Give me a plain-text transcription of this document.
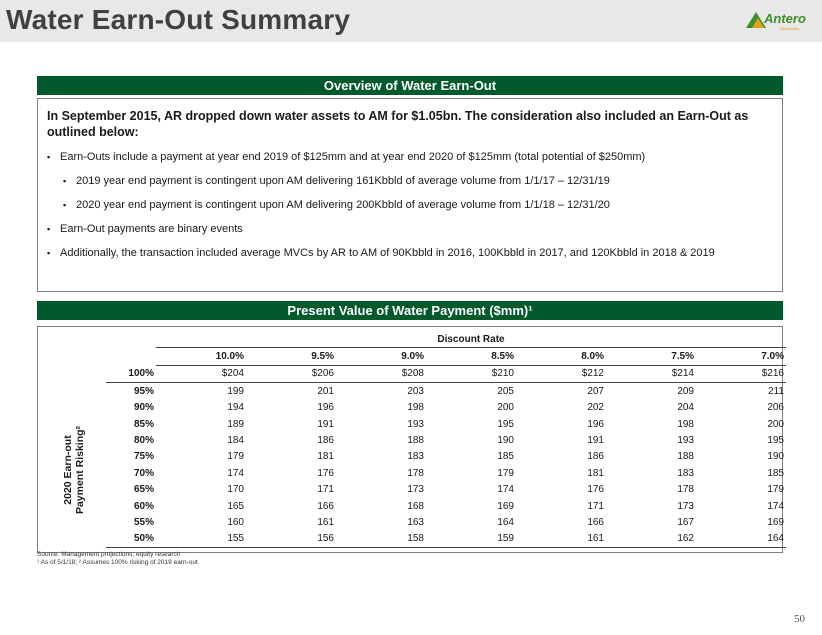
Water Earn-Out Summary	Antero
Resources
Overview of Water Earn-Out

In September 2015, AR dropped down water assets to AM for $1.05bn. The consideration also included an Earn-Out as outlined below:

▪ Earn-Outs include a payment at year end 2019 of $125mm and at year end 2020 of $125mm (total potential of $250mm)
▪ 2019 year end payment is contingent upon AM delivering 161Kbbld of average volume from 1/1/17 – 12/31/19
▪ 2020 year end payment is contingent upon AM delivering 200Kbbld of average volume from 1/1/18 – 12/31/20
▪ Earn-Out payments are binary events
▪ Additionally, the transaction included average MVCs by AR to AM of 90Kbbld in 2016, 100Kbbld in 2017, and 120Kbbld in 2018 & 2019
Present Value of Water Payment ($mm)¹
2020 Earn-out Payment Risking²
	Discount Rate						
	10.0%	9.5%	9.0%	8.5%	8.0%	7.5%	7.0%
100%	$204	$206	$208	$210	$212	$214	$216
95%	199	201	203	205	207	209	211
90%	194	196	198	200	202	204	206
85%	189	191	193	195	196	198	200
80%	184	186	188	190	191	193	195
75%	179	181	183	185	186	188	190
70%	174	176	178	179	181	183	185
65%	170	171	173	174	176	178	179
60%	165	166	168	169	171	173	174
55%	160	161	163	164	166	167	169
50%	155	156	158	159	161	162	164
Source: Management projections; equity research
¹ As of 5/1/18; ² Assumes 100% risking of 2019 earn-out
50
